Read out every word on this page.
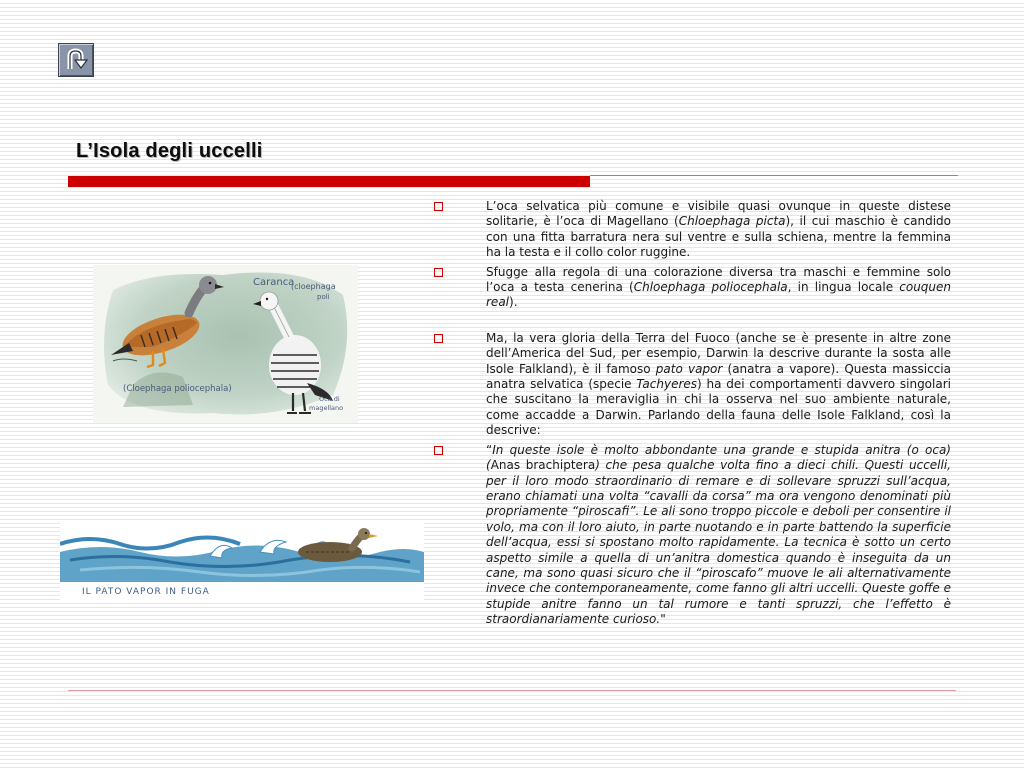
L’Isola degli uccelli
Caranca
(cloephaga
poli
(Cloephaga poliocephala)
Oca di
magellano
IL PATO VAPOR IN FUGA
L’oca selvatica più comune e visibile quasi ovunque in queste distese solitarie, è l’oca di Magellano (Chloephaga picta), il cui maschio è candido con una fitta barratura nera sul ventre e sulla schiena, mentre la femmina ha la testa e il collo color ruggine.
Sfugge alla regola di una colorazione diversa tra maschi e femmine solo l’oca a testa cenerina (Chloephaga poliocephala, in lingua locale couquen real).
Ma, la vera gloria della Terra del Fuoco (anche se è presente in altre zone dell’America del Sud, per esempio, Darwin la descrive durante la sosta alle Isole Falkland), è il famoso pato vapor (anatra a vapore). Questa massiccia anatra selvatica (specie Tachyeres) ha dei comportamenti davvero singolari che suscitano la meraviglia in chi la osserva nel suo ambiente naturale, come accadde a Darwin. Parlando della fauna delle Isole Falkland, così la descrive:
“In queste isole è molto abbondante una grande e stupida anitra (o oca) (Anas brachiptera) che pesa qualche volta fino a dieci chili. Questi uccelli, per il loro modo straordinario di remare e di sollevare spruzzi sull’acqua, erano chiamati una volta “cavalli da corsa” ma ora vengono denominati più propriamente “piroscafi”. Le ali sono troppo piccole e deboli per consentire il volo, ma con il loro aiuto, in parte nuotando e in parte battendo la superficie dell’acqua, essi si spostano molto rapidamente. La tecnica è sotto un certo aspetto simile a quella di un’anitra domestica quando è inseguita da un cane, ma sono quasi sicuro che il “piroscafo” muove le ali alternativamente invece che contemporaneamente, come fanno gli altri uccelli. Queste goffe e stupide anitre fanno un tal rumore e tanti spruzzi, che l’effetto è straordianariamente curioso."
